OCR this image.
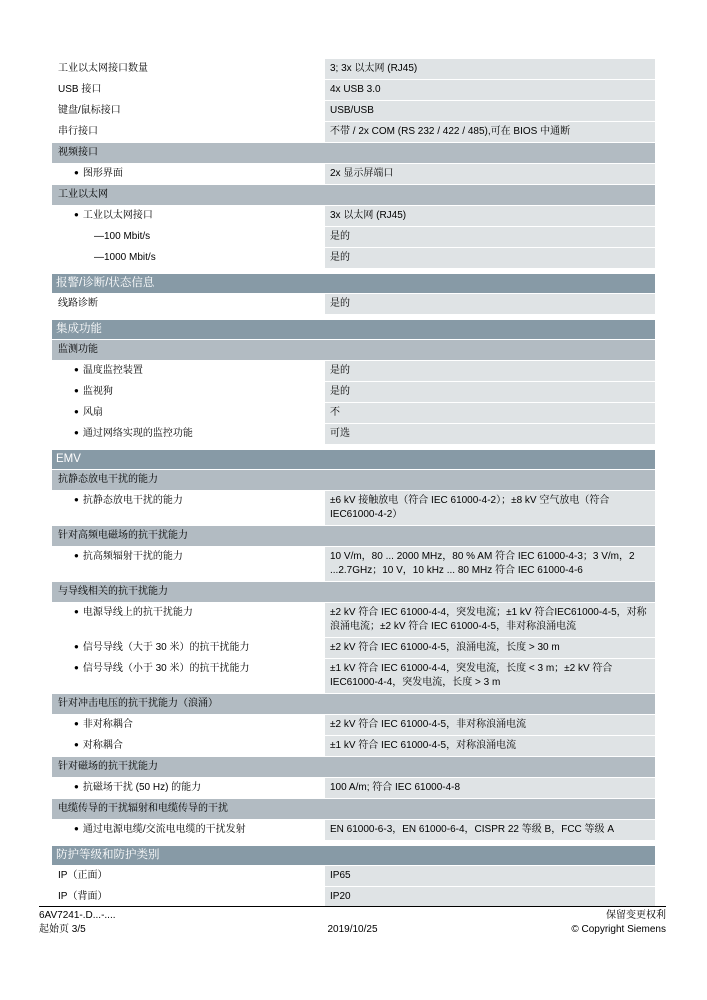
工业以太网接口数量	3; 3x 以太网 (RJ45)
USB 接口	4x USB 3.0
键盘/鼠标接口	USB/USB
串行接口	不带 / 2x COM (RS 232 / 422 / 485),可在 BIOS 中通断
视频接口
● 图形界面	2x 显示屏端口
工业以太网
● 工业以太网接口	3x 以太网 (RJ45)
— 100 Mbit/s	是的
— 1000 Mbit/s	是的
报警/诊断/状态信息
线路诊断	是的
集成功能
监测功能
● 温度监控装置	是的
● 监视狗	是的
● 风扇	不
● 通过网络实现的监控功能	可选
EMV
抗静态放电干扰的能力
● 抗静态放电干扰的能力	±6 kV 接触放电（符合 IEC 61000-4-2）；±8 kV 空气放电（符合 IEC61000-4-2）
针对高频电磁场的抗干扰能力
● 抗高频辐射干扰的能力	10 V/m，80 ... 2000 MHz，80 % AM 符合 IEC 61000-4-3；3 V/m，2 ...2.7GHz；10 V，10 kHz ... 80 MHz 符合 IEC 61000-4-6
与导线相关的抗干扰能力
● 电源导线上的抗干扰能力	±2 kV 符合 IEC 61000-4-4，突发电流；±1 kV 符合IEC61000-4-5，对称浪涌电流；±2 kV 符合 IEC 61000-4-5，非对称浪涌电流
● 信号导线（大于 30 米）的抗干扰能力	±2 kV 符合 IEC 61000-4-5，浪涌电流，长度 > 30 m
● 信号导线（小于 30 米）的抗干扰能力	±1 kV 符合 IEC 61000-4-4，突发电流，长度 < 3 m；±2 kV 符合 IEC61000-4-4，突发电流，长度 > 3 m
针对冲击电压的抗干扰能力（浪涌）
● 非对称耦合	±2 kV 符合 IEC 61000-4-5，非对称浪涌电流
● 对称耦合	±1 kV 符合 IEC 61000-4-5，对称浪涌电流
针对磁场的抗干扰能力
● 抗磁场干扰 (50 Hz) 的能力	100 A/m; 符合 IEC 61000-4-8
电缆传导的干扰辐射和电缆传导的干扰
● 通过电源电缆/交流电电缆的干扰发射	EN 61000-6-3，EN 61000-6-4，CISPR 22 等级 B，FCC 等级 A
防护等级和防护类别
IP（正面）	IP65
IP（背面）	IP20
6AV7241-.D...-....
起始页 3/5	2019/10/25
保留变更权利
© Copyright Siemens
